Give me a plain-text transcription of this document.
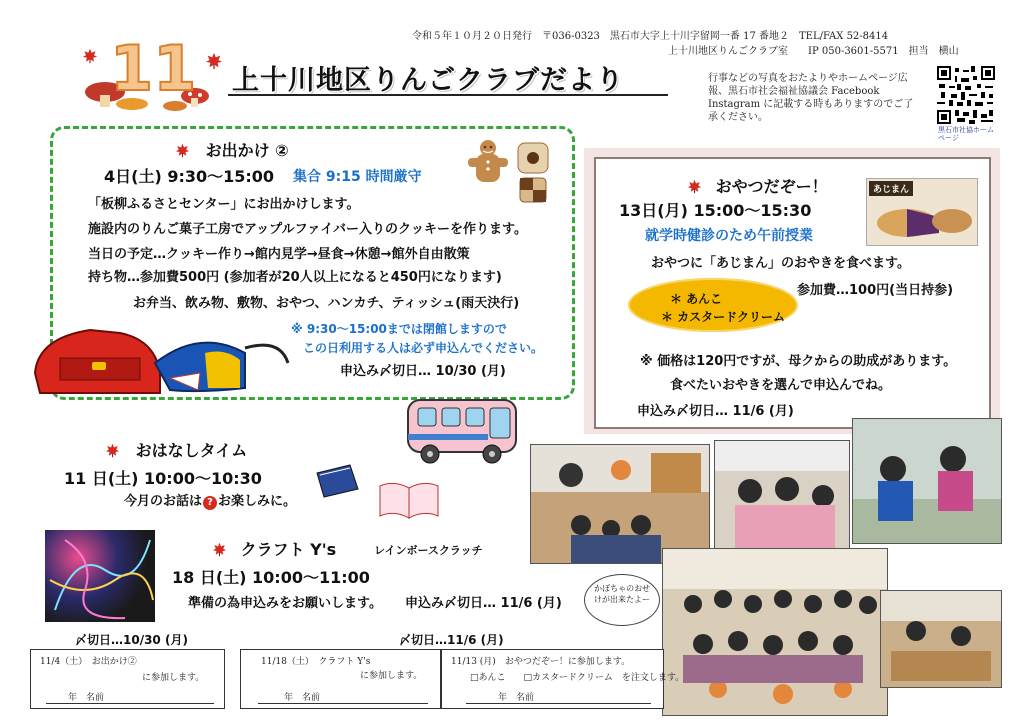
令和５年１０月２０日発行　〒036-0323　黒石市大字上十川字留岡一番 17 番地２　TEL/FAX 52-8414
上十川地区りんごクラブ室　　IP 050-3601-5571　担当　横山
11 上十川地区りんごクラブだより	行事などの写真をおたよりやホームページ広報、黒石市社会福祉協議会 Facebook Instagram に記載する時もありますのでご了承ください。
黒石市社協ホームページ
お出かけ ②
4日(土) 9:30～15:00 集合 9:15 時間厳守
「板柳ふるさとセンター」にお出かけします。
施設内のりんご菓子工房でアップルファイバー入りのクッキーを作ります。
当日の予定…クッキー作り→館内見学→昼食→休憩→館外自由散策
持ち物…参加費500円 (参加者が20人以上になると450円になります)
お弁当、飲み物、敷物、おやつ、ハンカチ、ティッシュ(雨天決行)
※ 9:30～15:00までは閉館しますので
この日利用する人は必ず申込んでください。
申込み〆切日… 10/30 (月)
おやつだぞー！
13日(月) 15:00～15:30
就学時健診のため午前授業
おやつに「あじまん」のおやきを食べます。
参加費…100円(当日持参)
＊ あんこ
＊ カスタードクリーム
※ 価格は120円ですが、母クからの助成があります。
食べたいおやきを選んで申込んでね。
申込み〆切日… 11/6 (月)
あじまん
おはなしタイム
11 日(土) 10:00～10:30
今月のお話は ? お楽しみに。
クラフト Y's	レインボースクラッチ
18 日(土) 10:00～11:00
準備の為申込みをお願いします。 申込み〆切日… 11/6 (月)
かぼちゃのおせけが出来たよー
〆切日…10/30 (月)	〆切日…11/6 (月)
11/4（土）　お出かけ②
に参加します。
年　名前
11/18（土）　クラフト Y's
に参加します。
年　名前
11/13 (月)　おやつだぞー！に参加します。
□あんこ　　□カスタードクリーム　を注文します。
年　名前
